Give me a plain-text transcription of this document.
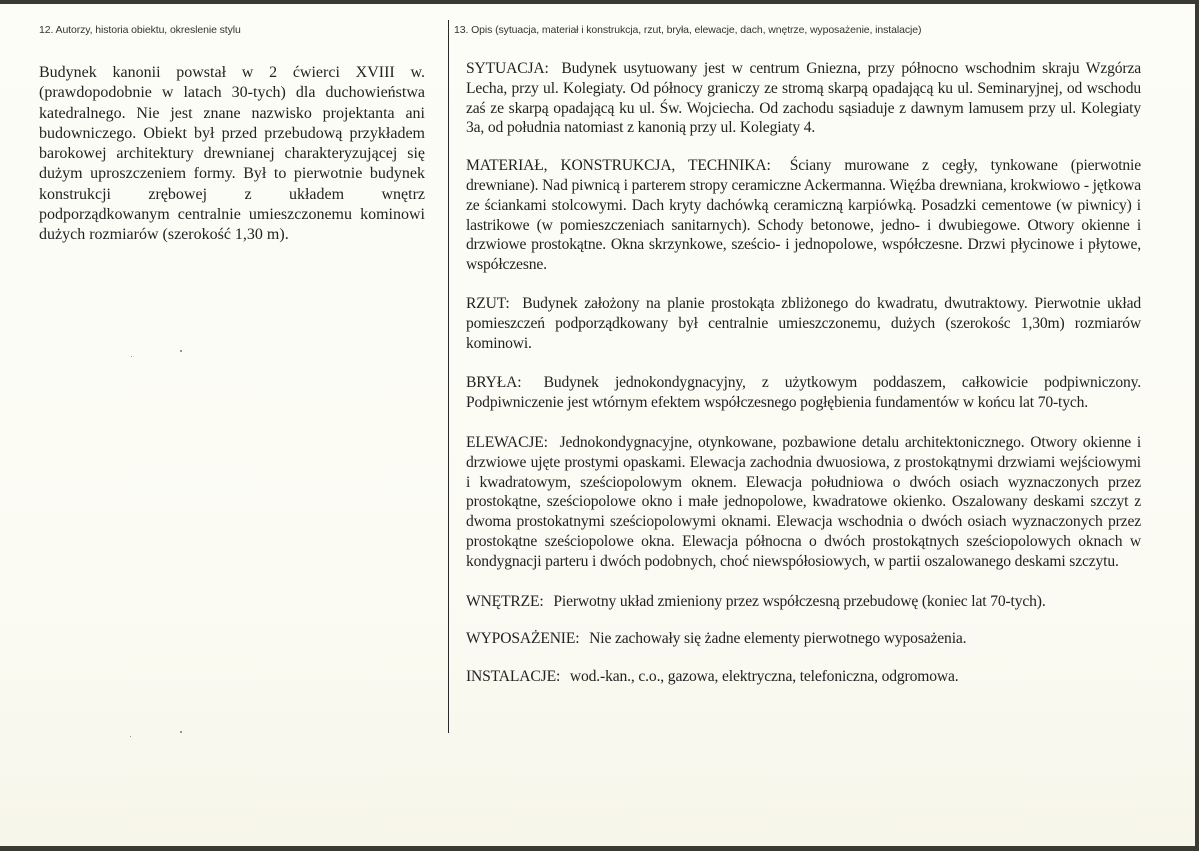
12. Autorzy, historia obiektu, okreslenie stylu
Budynek kanonii powstał w 2 ćwierci XVIII w. (prawdopodobnie w latach 30-tych) dla duchowieństwa katedralnego. Nie jest znane nazwisko projektanta ani budowniczego. Obiekt był przed przebudową przykładem barokowej architektury drewnianej charakteryzującej się dużym uproszczeniem formy. Był to pierwotnie budynek konstrukcji zrębowej z układem wnętrz podporządkowanym centralnie umieszczonemu kominowi dużych rozmiarów (szerokość 1,30 m).
13. Opis (sytuacja, materiał i konstrukcja, rzut, bryła, elewacje, dach, wnętrze, wyposażenie, instalacje)

SYTUACJA: Budynek usytuowany jest w centrum Gniezna, przy północno wschodnim skraju Wzgórza Lecha, przy ul. Kolegiaty. Od północy graniczy ze stromą skarpą opadającą ku ul. Seminaryjnej, od wschodu zaś ze skarpą opadającą ku ul. Św. Wojciecha. Od zachodu sąsiaduje z dawnym lamusem przy ul. Kolegiaty 3a, od południa natomiast z kanonią przy ul. Kolegiaty 4.

MATERIAŁ, KONSTRUKCJA, TECHNIKA: Ściany murowane z cegły, tynkowane (pierwotnie drewniane). Nad piwnicą i parterem stropy ceramiczne Ackermanna. Więźba drewniana, krokwiowo - jętkowa ze ściankami stolcowymi. Dach kryty dachówką ceramiczną karpiówką. Posadzki cementowe (w piwnicy) i lastrikowe (w pomieszczeniach sanitarnych). Schody betonowe, jedno- i dwubiegowe. Otwory okienne i drzwiowe prostokątne. Okna skrzynkowe, sześcio- i jednopolowe, współczesne. Drzwi płycinowe i płytowe, współczesne.

RZUT: Budynek założony na planie prostokąta zbliżonego do kwadratu, dwutraktowy. Pierwotnie układ pomieszczeń podporządkowany był centralnie umieszczonemu, dużych (szerokośc 1,30m) rozmiarów kominowi.

BRYŁA: Budynek jednokondygnacyjny, z użytkowym poddaszem, całkowicie podpiwniczony. Podpiwniczenie jest wtórnym efektem współczesnego pogłębienia fundamentów w końcu lat 70-tych.

ELEWACJE: Jednokondygnacyjne, otynkowane, pozbawione detalu architektonicznego. Otwory okienne i drzwiowe ujęte prostymi opaskami. Elewacja zachodnia dwuosiowa, z prostokątnymi drzwiami wejściowymi i kwadratowym, sześciopolowym oknem. Elewacja południowa o dwóch osiach wyznaczonych przez prostokątne, sześciopolowe okno i małe jednopolowe, kwadratowe okienko. Oszalowany deskami szczyt z dwoma prostokatnymi sześciopolowymi oknami. Elewacja wschodnia o dwóch osiach wyznaczonych przez prostokątne sześciopolowe okna. Elewacja północna o dwóch prostokątnych sześciopolowych oknach w kondygnacji parteru i dwóch podobnych, choć niewspółosiowych, w partii oszalowanego deskami szczytu.

WNĘTRZE: Pierwotny układ zmieniony przez współczesną przebudowę (koniec lat 70-tych).

WYPOSAŻENIE: Nie zachowały się żadne elementy pierwotnego wyposażenia.

INSTALACJE: wod.-kan., c.o., gazowa, elektryczna, telefoniczna, odgromowa.
